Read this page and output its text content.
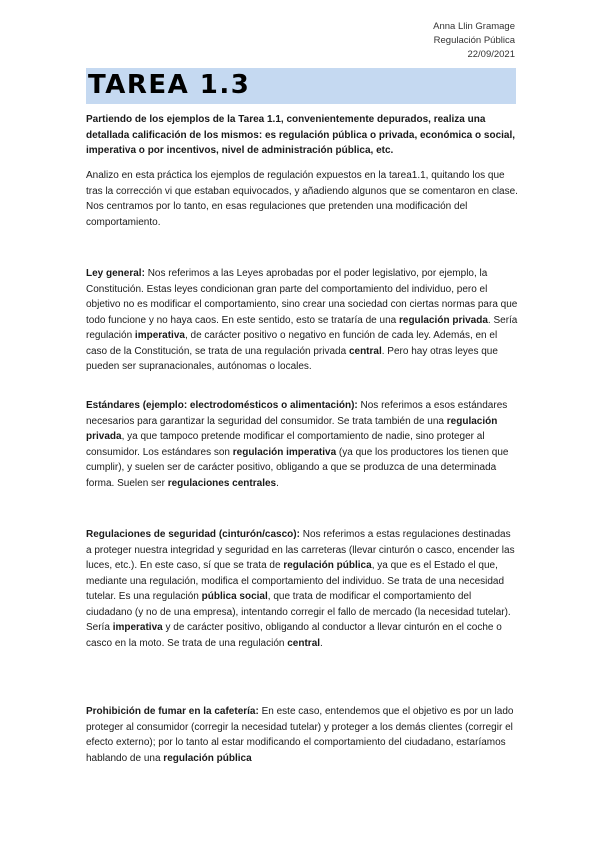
Anna Llin Gramage
Regulación Pública
22/09/2021
TAREA 1.3

Partiendo de los ejemplos de la Tarea 1.1, convenientemente depurados, realiza una detallada calificación de los mismos: es regulación pública o privada, económica o social, imperativa o por incentivos, nivel de administración pública, etc.

Analizo en esta práctica los ejemplos de regulación expuestos en la tarea1.1, quitando los que tras la corrección vi que estaban equivocados, y añadiendo algunos que se comentaron en clase. Nos centramos por lo tanto, en esas regulaciones que pretenden una modificación del comportamiento.

Ley general: Nos referimos a las Leyes aprobadas por el poder legislativo, por ejemplo, la Constitución. Estas leyes condicionan gran parte del comportamiento del individuo, pero el objetivo no es modificar el comportamiento, sino crear una sociedad con ciertas normas para que todo funcione y no haya caos. En este sentido, esto se trataría de una regulación privada. Sería regulación imperativa, de carácter positivo o negativo en función de cada ley. Además, en el caso de la Constitución, se trata de una regulación privada central. Pero hay otras leyes que pueden ser supranacionales, autónomas o locales.

Estándares (ejemplo: electrodomésticos o alimentación): Nos referimos a esos estándares necesarios para garantizar la seguridad del consumidor. Se trata también de una regulación privada, ya que tampoco pretende modificar el comportamiento de nadie, sino proteger al consumidor. Los estándares son regulación imperativa (ya que los productores los tienen que cumplir), y suelen ser de carácter positivo, obligando a que se produzca de una determinada forma. Suelen ser regulaciones centrales.

Regulaciones de seguridad (cinturón/casco): Nos referimos a estas regulaciones destinadas a proteger nuestra integridad y seguridad en las carreteras (llevar cinturón o casco, encender las luces, etc.). En este caso, sí que se trata de regulación pública, ya que es el Estado el que, mediante una regulación, modifica el comportamiento del individuo. Se trata de una necesidad tutelar. Es una regulación pública social, que trata de modificar el comportamiento del ciudadano (y no de una empresa), intentando corregir el fallo de mercado (la necesidad tutelar). Sería imperativa y de carácter positivo, obligando al conductor a llevar cinturón en el coche o casco en la moto. Se trata de una regulación central.

Prohibición de fumar en la cafetería: En este caso, entendemos que el objetivo es por un lado proteger al consumidor (corregir la necesidad tutelar) y proteger a los demás clientes (corregir el efecto externo); por lo tanto al estar modificando el comportamiento del ciudadano, estaríamos hablando de una regulación pública
